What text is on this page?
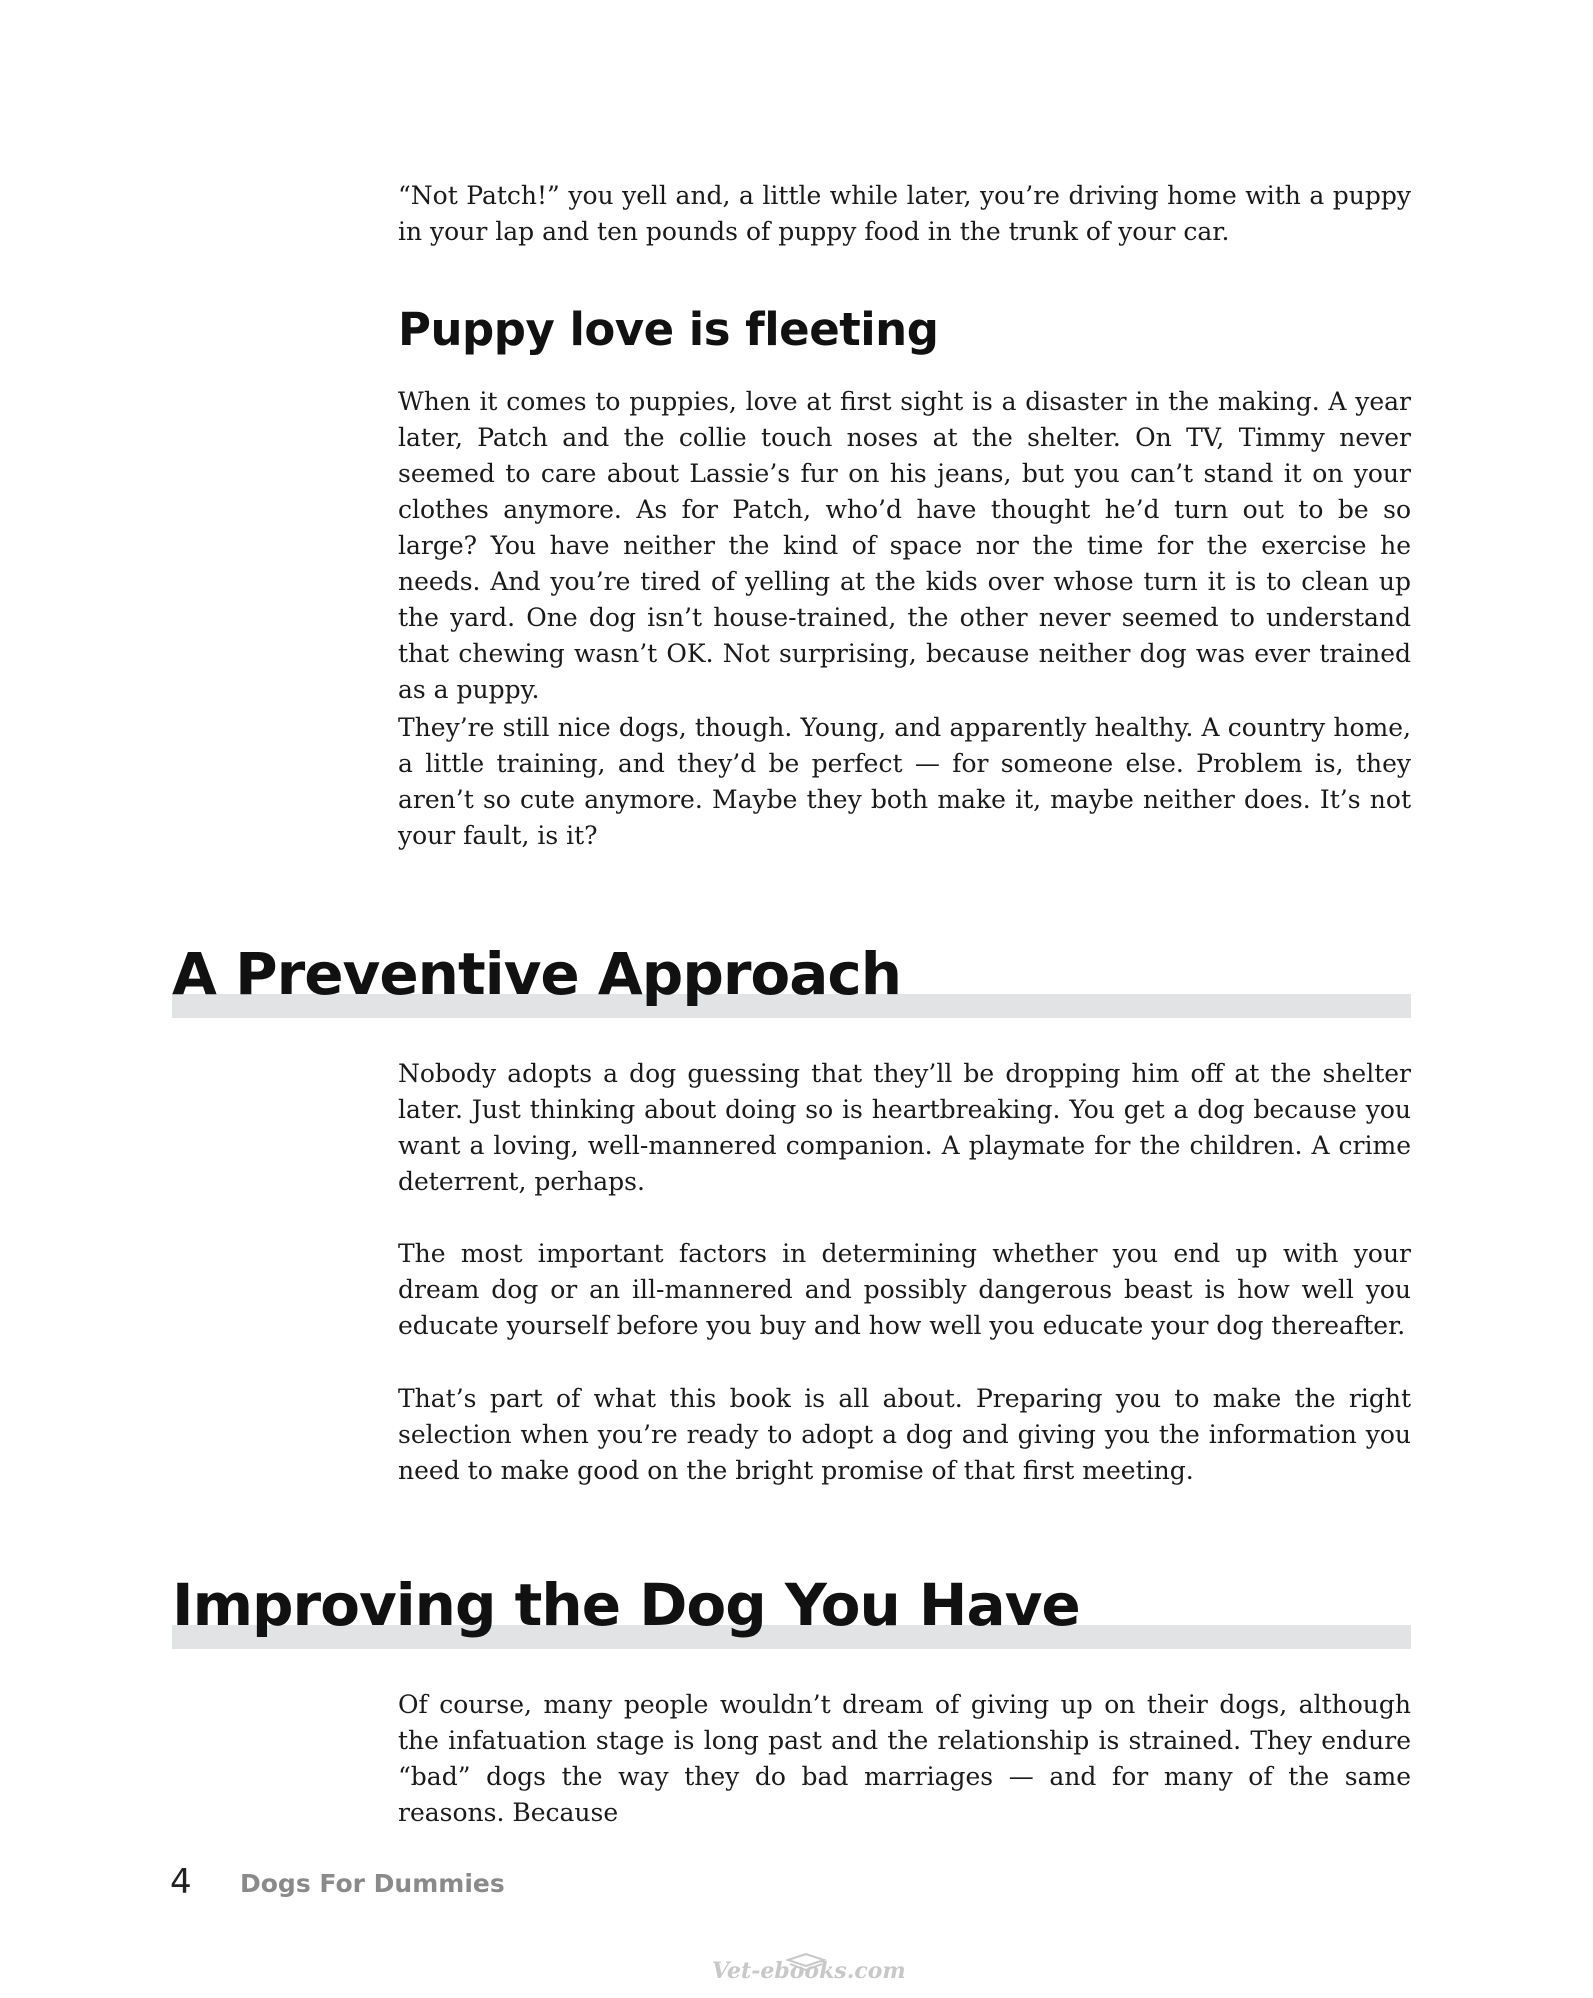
“Not Patch!” you yell and, a little while later, you’re driving home with a puppy in your lap and ten pounds of puppy food in the trunk of your car.

Puppy love is fleeting

When it comes to puppies, love at first sight is a disaster in the making. A year later, Patch and the collie touch noses at the shelter. On TV, Timmy never seemed to care about Lassie’s fur on his jeans, but you can’t stand it on your clothes anymore. As for Patch, who’d have thought he’d turn out to be so large? You have neither the kind of space nor the time for the exercise he needs. And you’re tired of yelling at the kids over whose turn it is to clean up the yard. One dog isn’t house-trained, the other never seemed to understand that chewing wasn’t OK. Not surprising, because neither dog was ever trained as a puppy.

They’re still nice dogs, though. Young, and apparently healthy. A country home, a little training, and they’d be perfect — for someone else. Problem is, they aren’t so cute anymore. Maybe they both make it, maybe neither does. It’s not your fault, is it?

A Preventive Approach

Nobody adopts a dog guessing that they’ll be dropping him off at the shelter later. Just thinking about doing so is heartbreaking. You get a dog because you want a loving, well-mannered companion. A playmate for the children. A crime deterrent, perhaps.

The most important factors in determining whether you end up with your dream dog or an ill-mannered and possibly dangerous beast is how well you educate yourself before you buy and how well you educate your dog thereafter.

That’s part of what this book is all about. Preparing you to make the right selection when you’re ready to adopt a dog and giving you the information you need to make good on the bright promise of that first meeting.

Improving the Dog You Have

Of course, many people wouldn’t dream of giving up on their dogs, although the infatuation stage is long past and the relationship is strained. They endure “bad” dogs the way they do bad marriages — and for many of the same reasons. Because

4 Dogs For Dummies
Vet-ebooks.com
